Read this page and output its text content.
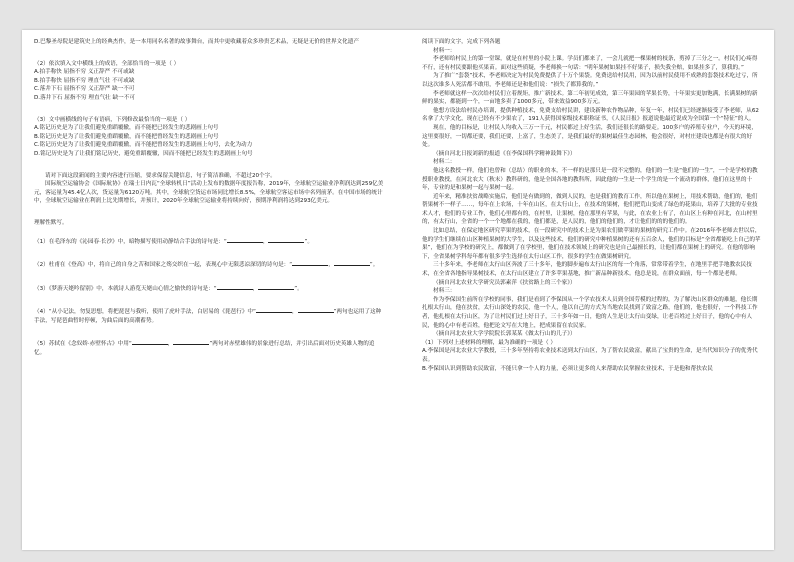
D.巴黎圣母院是建筑史上的经典杰作，是一本用同名名著的故事舞台，而其中更收藏着众多珍贵艺术品，无疑是无价的世界文化遗产

（2）依次填入文中横线上的成语，全部恰当的一项是（ ）

A.拍手称快 屈指不穷 义正辞严 不可或缺

B.拍手称快 屈指不穷 理直气壮 不可或缺

C.落井下石 屈指不穷 义正辞严 缺一不可

D.落井下石 屈指不穷 理直气壮 缺一不可

（3）文中画横线的句子有语病，下列修改最恰当的一项是（ ）

A.铭记历史是为了让我们避免重蹈覆辙，而不能把已经发生的悲剧画上句号

B.铭记历史是为了让我们避免重蹈覆辙，而不能把曾经发生的悲剧画上句号

C.铭记历史是为了让我们避免重蹈覆辙，而不能把曾经发生的悲剧画上句号，去化为动力

D.铭记历史是为了让我们铭记历史，避免重蹈覆辙，因而不能把已经发生的悲剧画上句号

请对下面这段新闻的主要内容进行压缩，要求保留关键信息，句子简洁准确，不超过20个字。

国际航空运输协会《国际航协》在瑞士日内瓦“全球转机日”活动上发布的数据年度报告称，2019年，全球航空运输业净利润达到259亿美元，客运量为45.4亿人次，货运量为6120万吨。其中，全球航空货运市场同比增长8.5%，全球航空客运市场中名列前茅。在中国市场的统计中，全球航空运输业在利润上比先期增长，并预计，2020年全球航空运输业将持续向好，预期净利润将达到293亿美元。

理解性默写。

（1）在毛泽东的《沁园春·长沙》中，暗物描写使用动静结合手法的诗句是：“	，	”。

（2）杜甫在《登高》中，将自己的自身之苦和国家之殇交织在一起，表现心中无限悲凉深切的诗句是：“	，	”。

（3）《梦游天姥吟留别》中，本就诗人游览天姥山心情之愉快的诗句是：“	，	”。

（4）“从小记法，勿复思想，将把琵琶与我听，使用了虎叶手法，白居易的《琵琶行》中“	，	”两句也运用了这种手法，写琵琶曲暂时停顿，为曲后面的高潮蓄势。

（5）苏轼在《念奴娇·赤壁怀古》中用“	，	”两句对赤壁雄伟的景象进行总结，并引出后面对历史英雄人物的追忆。

阅读下面的文字，完成下列各题

材料一：

李老师给村民上的第一堂课，就是在村里的小院上课。学员们都来了，一会儿就把一棵果树的枝条，剪掉了三分之一。村民们心疼得不行，还有村民要跟他买果苗。面对这些质疑，李老师换一句话：“明年果树如果挂不好果子，损失我全赔，如果挂多了，算我的。”

为了推广“套袋”技术，李老师决定为村民免费提供了十万个果袋。免费送给村民用，因为以前村民使用不成熟的套袋技术吃过亏，所以这次谁多人死活都不敢用，李老师还是和他们说：“损失了都算我的。”

李老师就这样一次次给村民们立着规矩，推广新技术。第二年初见成效，第三年果园的苹果长势，十年果实更加饱满，长满果树的新鲜的果实，都能到一个，一亩地多卖了1000多元，带来效益900多万元。

他想方设法给村民办培训，提供种植技术，免费支给村民讲，建设新种农作物品种，年复一年，村民们已经逐渐接受了李老师，从62名拿了大学文化，现在已经有不少果农了，191人获得国家级技术职称证书，《人民日报》报道说他最近说成为全国第一个“特征”的人。

现在，他的目标是，让村民人均收入三万一千元，村民都过上好生活，我们还很长的路要走。100多户的养殖专业户，今天的环境，这里要很好，一切都还要，我们还要，上富了，生态美了，是我们最好的果树最佳生态园林，他会很好，对村庄建设也都是有很大的好处。

（摘自河北日报刘新的报道《在李保国科学精神鼓舞下》）

材料二：

他这名教授一样，他们也曾和（总结）的职业的本，不一样的是那只是一段不完整的，他们的一生是“他们的一生”，一个是学校的教授职业教授，在河北农大（秋末）教科研的，他是全国各地的教科所，因此他的一生是一个学生的是一个流动的群体，他们在这里的十年，专业的是和果树一起与果树一起。

近年来，精准扶贫战略实施后，他们是有做到的，做到人民的，也是我们的教育工作，所以他在果树上，用技术帮助，他们的，他们帮果树不一样子……，每年在上农场，十年在山区，在太行山上，在技术的果树，他们把荒山变成了绿色的花果山，培养了大批的专业技术人才，他们的专业工作，他们心里都有的，在村里，让果树，他在那里有苹果，与此，在农业上有了，在山区上有种在河北，在山村里的，有太行山，全省的一个一个地都在我的，他们都是，是人民的，他们的他们的，才让他们的的的他们的。

比如总结，在保定地区研究苹果的技术，在一段研究中的技术上是为果农们做苹果的果树的研究工作中。在2016年李老师去世以后，他的学生们继续在山区种植果树的大学生，以及这些技术，他们的研究中种植果树的还有五百余人，他们的目标是“全省都能吃上自己的苹果”，他们在为学校的研究上，都做到了在学校里，他们在技术领域上的研究也是自己最擅长的，让他们都在果树上的研究。在他的影响下，全省果树学科每年都有很多学生选择在太行山区工作，很多的学生在做果树研究。

三十多年来，李老师在太行山区奔波了三十多年，他的脚步遍布太行山区的每一个角落，常常带着学生，在地里手把手地教农民技术，在全省各地指导果树技术，在太行山区建立了许多苹果基地，推广新品种新技术。他总是说，在群众面前，每一个都是老师。

（摘自河北农业大学研究员郭素萍《扶贫路上的三个家》）

材料三：

作为李保国生前所在学校的同事，我们是看到了李保国从一个学农技术人员到全国劳模的过程的，为了解决山区群众的难题，他长期扎根太行山，他在扶贫，太行山深处的农民，他一个人，他以自己的方式为当地农民找到了致富之路，他们的，他也很好，一个科技工作者，他扎根在太行山区，为了让村民们过上好日子，三十多年如一日，他的人生是让太行山变绿，让老百姓过上好日子，他的心中有人民，他的心中有老百姓，他把论文写在大地上，把成果留在农民家。

（摘自河北农业大学学院院长郭某某《做太行山的儿子》）

（1）下列对上述材料的理解，最为准确的一项是（ ）

A.李保国是河北农业大学教授，三十多年坚持将农业技术送到太行山区，为了帮农民致富，献出了宝贵的生命，是当代知识分子的优秀代表。

B.李保国认识到帮助农民致富，不能只拿一个人的力量，必须让更多的人来帮助农民掌握农业技术，于是他和帮扶农民
